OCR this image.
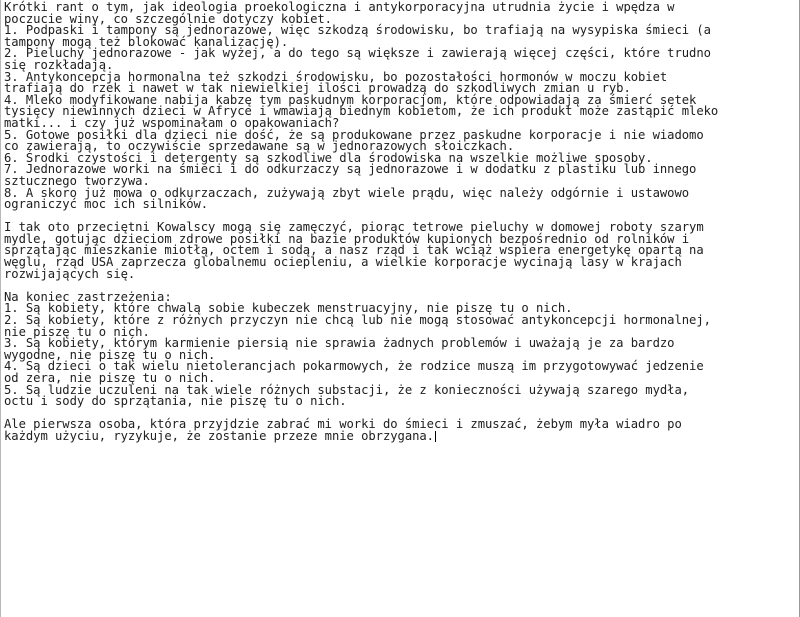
Krótki rant o tym, jak ideologia proekologiczna i antykorporacyjna utrudnia życie i wpędza w
poczucie winy, co szczególnie dotyczy kobiet.
1. Podpaski i tampony są jednorazowe, więc szkodzą środowisku, bo trafiają na wysypiska śmieci (a
tampony mogą też blokować kanalizację).
2. Pieluchy jednorazowe - jak wyżej, a do tego są większe i zawierają więcej części, które trudno
się rozkładają.
3. Antykoncepcja hormonalna też szkodzi środowisku, bo pozostałości hormonów w moczu kobiet
trafiają do rzek i nawet w tak niewielkiej ilości prowadzą do szkodliwych zmian u ryb.
4. Mleko modyfikowane nabija kabzę tym paskudnym korporacjom, które odpowiadają za śmierć setek
tysięcy niewinnych dzieci w Afryce i wmawiają biednym kobietom, że ich produkt może zastąpić mleko
matki... i czy już wspominałam o opakowaniach?
5. Gotowe posiłki dla dzieci nie dość, że są produkowane przez paskudne korporacje i nie wiadomo
co zawierają, to oczywiście sprzedawane są w jednorazowych słoiczkach.
6. Środki czystości i detergenty są szkodliwe dla środowiska na wszelkie możliwe sposoby.
7. Jednorazowe worki na śmieci i do odkurzaczy są jednorazowe i w dodatku z plastiku lub innego
sztucznego tworzywa.
8. A skoro już mowa o odkurzaczach, zużywają zbyt wiele prądu, więc należy odgórnie i ustawowo
ograniczyć moc ich silników.
I tak oto przeciętni Kowalscy mogą się zamęczyć, piorąc tetrowe pieluchy w domowej roboty szarym
mydle, gotując dzieciom zdrowe posiłki na bazie produktów kupionych bezpośrednio od rolników i
sprzątając mieszkanie miotłą, octem i sodą, a nasz rząd i tak wciąż wspiera energetykę opartą na
węglu, rząd USA zaprzecza globalnemu ociepleniu, a wielkie korporacje wycinają lasy w krajach
rozwijających się.
Na koniec zastrzeżenia:
1. Są kobiety, które chwalą sobie kubeczek menstruacyjny, nie piszę tu o nich.
2. Są kobiety, które z różnych przyczyn nie chcą lub nie mogą stosować antykoncepcji hormonalnej,
nie piszę tu o nich.
3. Są kobiety, którym karmienie piersią nie sprawia żadnych problemów i uważają je za bardzo
wygodne, nie piszę tu o nich.
4. Są dzieci o tak wielu nietolerancjach pokarmowych, że rodzice muszą im przygotowywać jedzenie
od zera, nie piszę tu o nich.
5. Są ludzie uczuleni na tak wiele różnych substacji, że z konieczności używają szarego mydła,
octu i sody do sprzątania, nie piszę tu o nich.
Ale pierwsza osoba, która przyjdzie zabrać mi worki do śmieci i zmuszać, żebym myła wiadro po
każdym użyciu, ryzykuje, że zostanie przeze mnie obrzygana.
